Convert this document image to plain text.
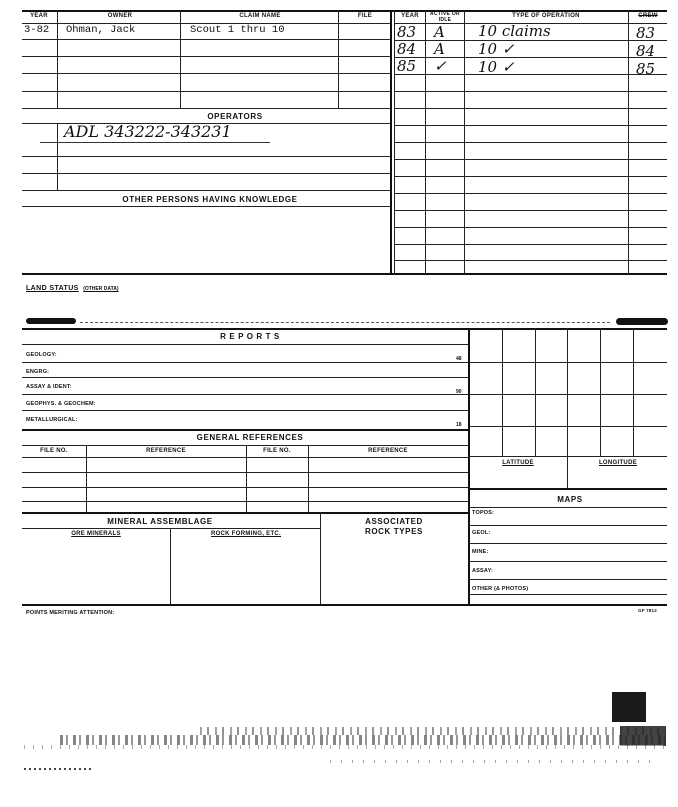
YEAR	OWNER	CLAIM NAME	FILE
3-82 Ohman, Jack	Scout 1 thru 10
OPERATORS
ADL 343222-343231
OTHER PERSONS HAVING KNOWLEDGE
YEAR	ACTIVE OR IDLE
TYPE OF OPERATION	CREW
83 A 10 claims	83
84 A 10 ✓	84
85 ✓ 10 ✓	85
LAND STATUS (OTHER DATA)
R E P O R T S
GEOLOGY:
48
ENGRG:
ASSAY & IDENT:
90
GEOPHYS. & GEOCHEM:
METALLURGICAL:
18
GENERAL REFERENCES
FILE NO.	REFERENCE	FILE NO.	REFERENCE
MINERAL ASSEMBLAGE
ORE MINERALS	ROCK FORMING, ETC.
ASSOCIATED
ROCK TYPES
LATITUDE	LONGITUDE
MAPS
TOPOS:
GEOL:
MINE:
ASSAY:
OTHER (& PHOTOS)
POINTS MERITING ATTENTION:	GF 7812
